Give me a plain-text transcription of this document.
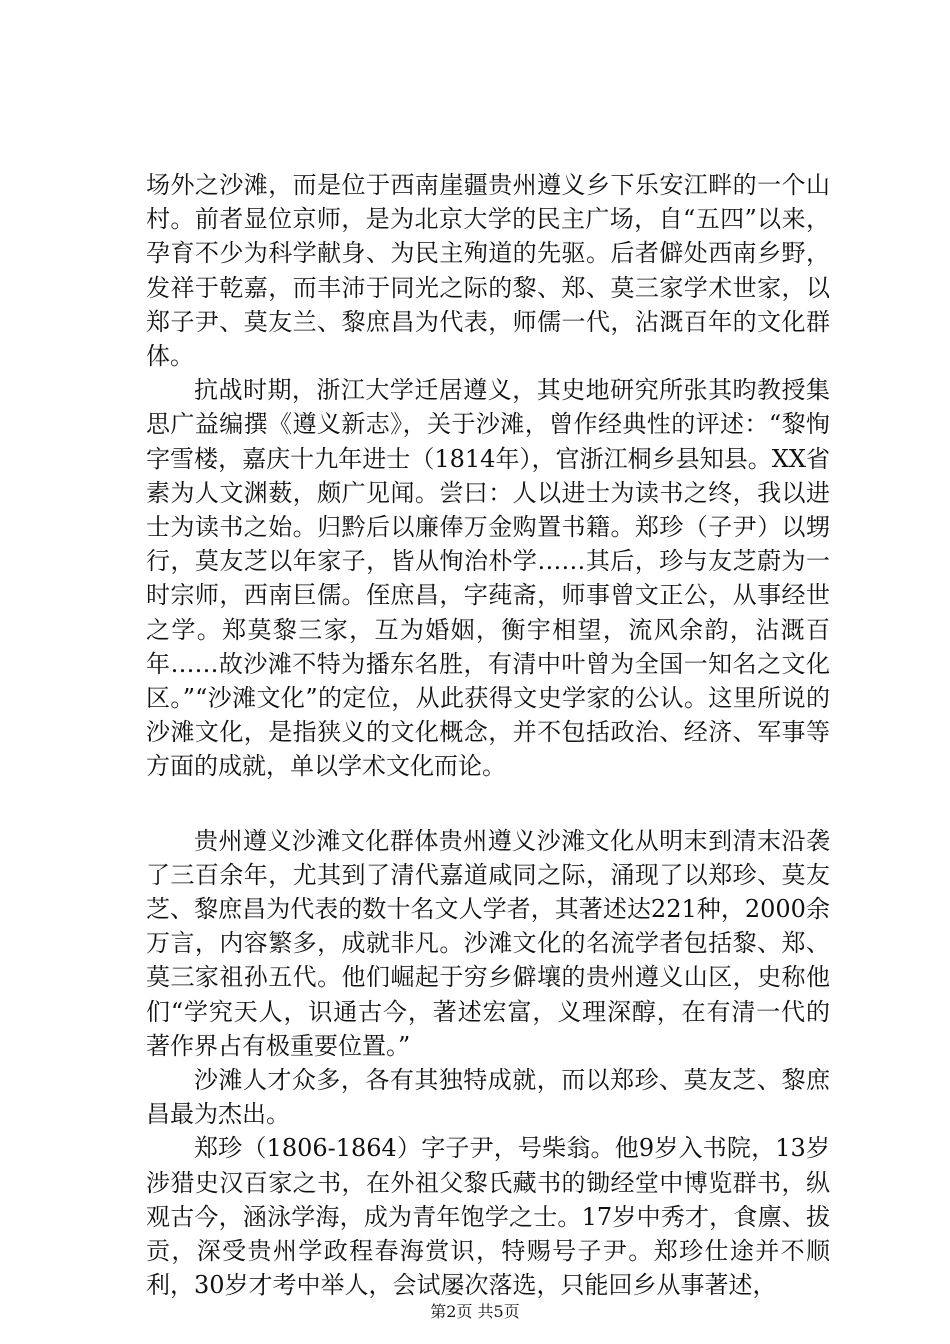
场外之沙滩，而是位于西南崖疆贵州遵义乡下乐安江畔的一个山村。前者显位京师，是为北京大学的民主广场，自“五四”以来，孕育不少为科学献身、为民主殉道的先驱。后者僻处西南乡野，发祥于乾嘉，而丰沛于同光之际的黎、郑、莫三家学术世家，以郑子尹、莫友兰、黎庶昌为代表，师儒一代，沾溉百年的文化群体。

抗战时期，浙江大学迁居遵义，其史地研究所张其昀教授集思广益编撰《遵义新志》，关于沙滩，曾作经典性的评述：“黎恂字雪楼，嘉庆十九年进士（1814年），官浙江桐乡县知县。XX省素为人文渊薮，颇广见闻。尝曰：人以进士为读书之终，我以进士为读书之始。归黔后以廉俸万金购置书籍。郑珍（子尹）以甥行，莫友芝以年家子，皆从恂治朴学……其后，珍与友芝蔚为一时宗师，西南巨儒。侄庶昌，字莼斋，师事曾文正公，从事经世之学。郑莫黎三家，互为婚姻，衡宇相望，流风余韵，沾溉百年……故沙滩不特为播东名胜，有清中叶曾为全国一知名之文化区。”“沙滩文化”的定位，从此获得文史学家的公认。这里所说的沙滩文化，是指狭义的文化概念，并不包括政治、经济、军事等方面的成就，单以学术文化而论。

贵州遵义沙滩文化群体贵州遵义沙滩文化从明末到清末沿袭了三百余年，尤其到了清代嘉道咸同之际，涌现了以郑珍、莫友芝、黎庶昌为代表的数十名文人学者，其著述达221种，2000余万言，内容繁多，成就非凡。沙滩文化的名流学者包括黎、郑、莫三家祖孙五代。他们崛起于穷乡僻壤的贵州遵义山区，史称他们“学究天人，识通古今，著述宏富，义理深醇，在有清一代的著作界占有极重要位置。”

沙滩人才众多，各有其独特成就，而以郑珍、莫友芝、黎庶昌最为杰出。

郑珍（1806-1864）字子尹，号柴翁。他9岁入书院，13岁涉猎史汉百家之书，在外祖父黎氏藏书的锄经堂中博览群书，纵观古今，涵泳学海，成为青年饱学之士。17岁中秀才，食廪、拔贡，深受贵州学政程春海赏识，特赐号子尹。郑珍仕途并不顺利，30岁才考中举人，会试屡次落选，只能回乡从事著述，

第2页 共5页
